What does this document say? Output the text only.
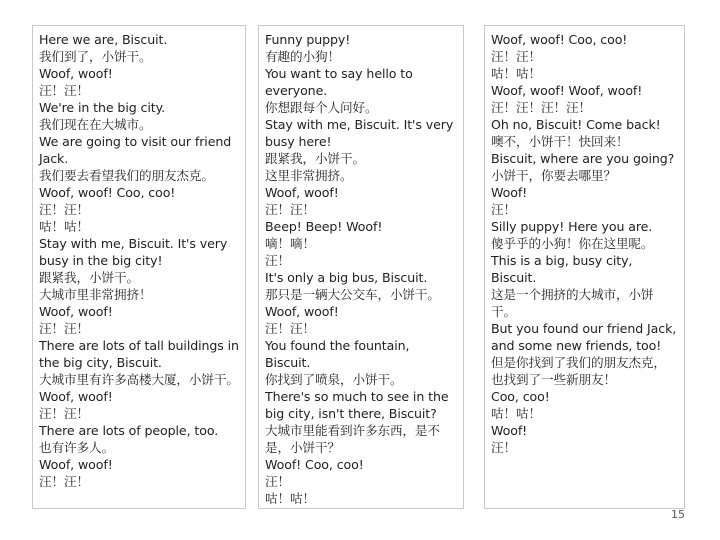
Here we are, Biscuit.
我们到了，小饼干。
Woof, woof!
汪！汪！
We're in the big city.
我们现在在大城市。
We are going to visit our friend Jack.
我们要去看望我们的朋友杰克。
Woof, woof! Coo, coo!
汪！汪！
咕！咕！
Stay with me, Biscuit. It's very busy in the big city!
跟紧我，小饼干。
大城市里非常拥挤！
Woof, woof!
汪！汪！
There are lots of tall buildings in the big city, Biscuit.
大城市里有许多高楼大厦，小饼干。
Woof, woof!
汪！汪！
There are lots of people, too.
也有许多人。
Woof, woof!
汪！汪！
Funny puppy!
有趣的小狗！
You want to say hello to everyone.
你想跟每个人问好。
Stay with me, Biscuit. It's very busy here!
跟紧我，小饼干。
这里非常拥挤。
Woof, woof!
汪！汪！
Beep! Beep! Woof!
嘀！嘀！
汪！
It's only a big bus, Biscuit.
那只是一辆大公交车，小饼干。
Woof, woof!
汪！汪！
You found the fountain, Biscuit.
你找到了喷泉，小饼干。
There's so much to see in the big city, isn't there, Biscuit?
大城市里能看到许多东西，是不是，小饼干？
Woof! Coo, coo!
汪！
咕！咕！
Woof, woof! Coo, coo!
汪！汪！
咕！咕！
Woof, woof! Woof, woof!
汪！汪！汪！汪！
Oh no, Biscuit! Come back!
噢不，小饼干！快回来！
Biscuit, where are you going?
小饼干，你要去哪里？
Woof!
汪！
Silly puppy! Here you are.
傻乎乎的小狗！你在这里呢。
This is a big, busy city, Biscuit.
这是一个拥挤的大城市，小饼干。
But you found our friend Jack, and some new friends, too!
但是你找到了我们的朋友杰克，也找到了一些新朋友！
Coo, coo!
咕！咕！
Woof!
汪！
15
